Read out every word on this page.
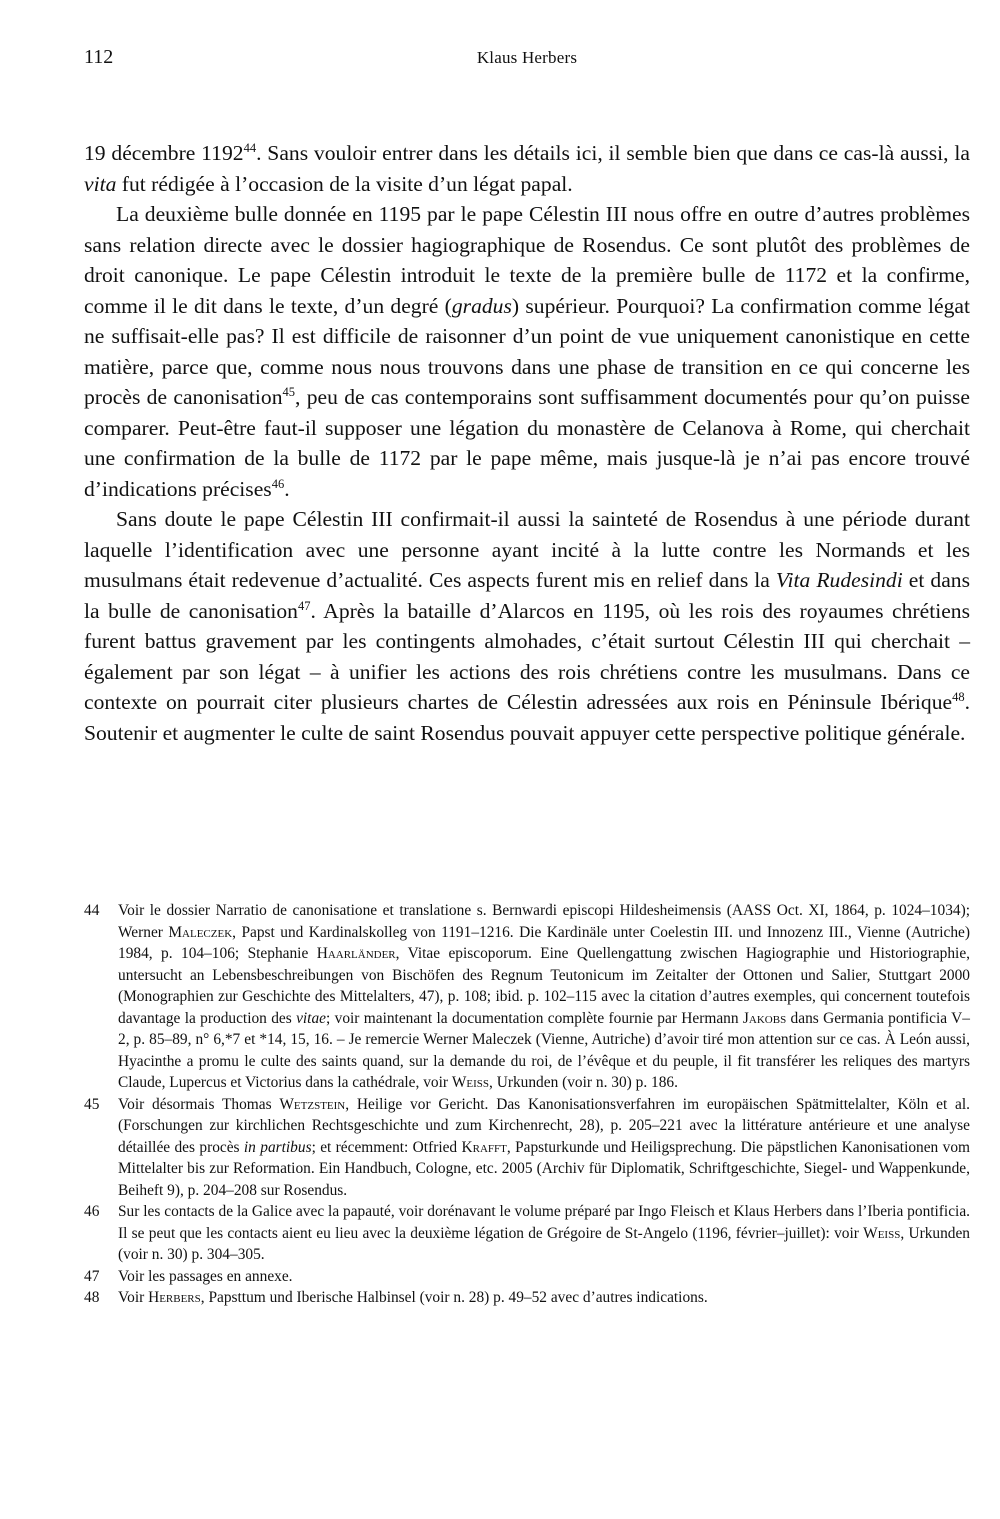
112	Klaus Herbers

19 décembre 1192$^{44}$. Sans vouloir entrer dans les détails ici, il semble bien que dans ce cas-là aussi, la vita fut rédigée à l’occasion de la visite d’un légat papal.

La deuxième bulle donnée en 1195 par le pape Célestin III nous offre en outre d’autres problèmes sans relation directe avec le dossier hagiographique de Rosendus. Ce sont plutôt des problèmes de droit canonique. Le pape Célestin introduit le texte de la première bulle de 1172 et la confirme, comme il le dit dans le texte, d’un degré (gradus) supérieur. Pourquoi? La confirmation comme légat ne suffisait-elle pas? Il est difficile de raisonner d’un point de vue uniquement canonistique en cette matière, parce que, comme nous nous trouvons dans une phase de transition en ce qui concerne les procès de canonisation$^{45}$, peu de cas contemporains sont suffisamment documentés pour qu’on puisse comparer. Peut-être faut-il supposer une légation du monastère de Celanova à Rome, qui cherchait une confirmation de la bulle de 1172 par le pape même, mais jusque-là je n’ai pas encore trouvé d’indications précises$^{46}$.

Sans doute le pape Célestin III confirmait-il aussi la sainteté de Rosendus à une période durant laquelle l’identification avec une personne ayant incité à la lutte contre les Normands et les musulmans était redevenue d’actualité. Ces aspects furent mis en relief dans la Vita Rudesindi et dans la bulle de canonisation$^{47}$. Après la bataille d’Alarcos en 1195, où les rois des royaumes chrétiens furent battus gravement par les contingents almohades, c’était surtout Célestin III qui cherchait – également par son légat – à unifier les actions des rois chrétiens contre les musulmans. Dans ce contexte on pourrait citer plusieurs chartes de Célestin adressées aux rois en Péninsule Ibérique$^{48}$. Soutenir et augmenter le culte de saint Rosendus pouvait appuyer cette perspective politique générale.

44	Voir le dossier Narratio de canonisatione et translatione s. Bernwardi episcopi Hildesheimensis (AASS Oct. XI, 1864, p. 1024–1034); Werner Maleczek, Papst und Kardinalskolleg von 1191–1216. Die Kardinäle unter Coelestin III. und Innozenz III., Vienne (Autriche) 1984, p. 104–106; Stephanie Haarländer, Vitae episcoporum. Eine Quellengattung zwischen Hagiographie und Historiographie, untersucht an Lebensbeschreibungen von Bischöfen des Regnum Teutonicum im Zeitalter der Ottonen und Salier, Stuttgart 2000 (Monographien zur Geschichte des Mittelalters, 47), p. 108; ibid. p. 102–115 avec la citation d’autres exemples, qui concernent toutefois davantage la production des vitae; voir maintenant la documentation complète fournie par Hermann Jakobs dans Germania pontificia V–2, p. 85–89, n° 6,*7 et *14, 15, 16. – Je remercie Werner Maleczek (Vienne, Autriche) d’avoir tiré mon attention sur ce cas. À León aussi, Hyacinthe a promu le culte des saints quand, sur la demande du roi, de l’évêque et du peuple, il fit transférer les reliques des martyrs Claude, Lupercus et Victorius dans la cathédrale, voir Weiss, Urkunden (voir n. 30) p. 186.
45	Voir désormais Thomas Wetzstein, Heilige vor Gericht. Das Kanonisationsverfahren im europäischen Spätmittelalter, Köln et al. (Forschungen zur kirchlichen Rechtsgeschichte und zum Kirchenrecht, 28), p. 205–221 avec la littérature antérieure et une analyse détaillée des procès in partibus; et récemment: Otfried Krafft, Papsturkunde und Heiligsprechung. Die päpstlichen Kanonisationen vom Mittelalter bis zur Reformation. Ein Handbuch, Cologne, etc. 2005 (Archiv für Diplomatik, Schriftgeschichte, Siegel- und Wappenkunde, Beiheft 9), p. 204–208 sur Rosendus.
46	Sur les contacts de la Galice avec la papauté, voir dorénavant le volume préparé par Ingo Fleisch et Klaus Herbers dans l’Iberia pontificia. Il se peut que les contacts aient eu lieu avec la deuxième légation de Grégoire de St-Angelo (1196, février–juillet): voir Weiss, Urkunden (voir n. 30) p. 304–305.
47	Voir les passages en annexe.
48	Voir Herbers, Papsttum und Iberische Halbinsel (voir n. 28) p. 49–52 avec d’autres indications.
